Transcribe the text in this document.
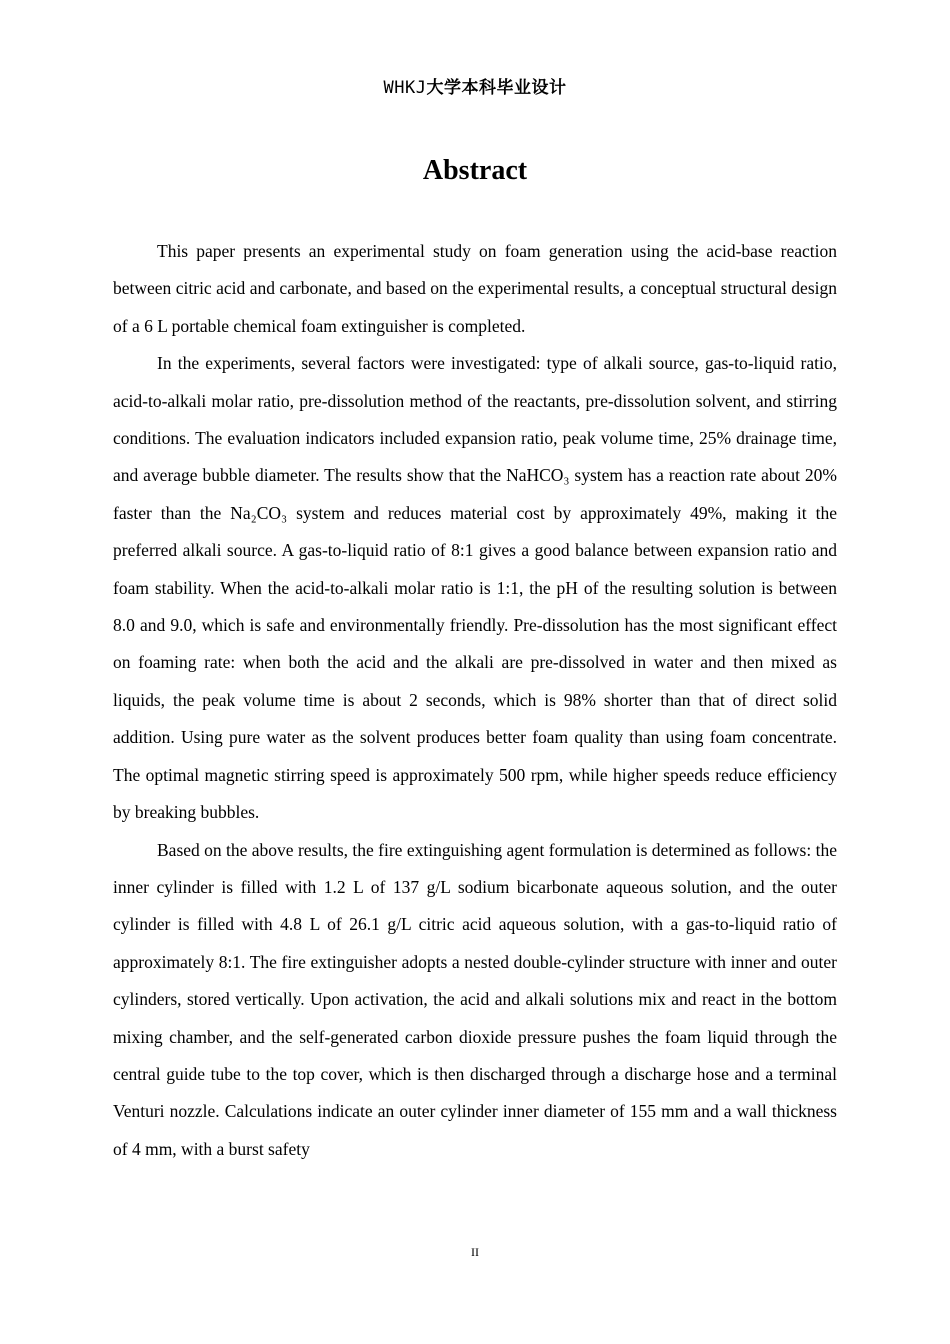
WHKJ大学本科毕业设计
Abstract

This paper presents an experimental study on foam generation using the acid-base reaction between citric acid and carbonate, and based on the experimental results, a conceptual structural design of a 6 L portable chemical foam extinguisher is completed.

In the experiments, several factors were investigated: type of alkali source, gas-to-liquid ratio, acid-to-alkali molar ratio, pre-dissolution method of the reactants, pre-dissolution solvent, and stirring conditions. The evaluation indicators included expansion ratio, peak volume time, 25% drainage time, and average bubble diameter. The results show that the NaHCO₃ system has a reaction rate about 20% faster than the Na₂CO₃ system and reduces material cost by approximately 49%, making it the preferred alkali source. A gas-to-liquid ratio of 8:1 gives a good balance between expansion ratio and foam stability. When the acid-to-alkali molar ratio is 1:1, the pH of the resulting solution is between 8.0 and 9.0, which is safe and environmentally friendly. Pre-dissolution has the most significant effect on foaming rate: when both the acid and the alkali are pre-dissolved in water and then mixed as liquids, the peak volume time is about 2 seconds, which is 98% shorter than that of direct solid addition. Using pure water as the solvent produces better foam quality than using foam concentrate. The optimal magnetic stirring speed is approximately 500 rpm, while higher speeds reduce efficiency by breaking bubbles.

Based on the above results, the fire extinguishing agent formulation is determined as follows: the inner cylinder is filled with 1.2 L of 137 g/L sodium bicarbonate aqueous solution, and the outer cylinder is filled with 4.8 L of 26.1 g/L citric acid aqueous solution, with a gas-to-liquid ratio of approximately 8:1. The fire extinguisher adopts a nested double-cylinder structure with inner and outer cylinders, stored vertically. Upon activation, the acid and alkali solutions mix and react in the bottom mixing chamber, and the self-generated carbon dioxide pressure pushes the foam liquid through the central guide tube to the top cover, which is then discharged through a discharge hose and a terminal Venturi nozzle. Calculations indicate an outer cylinder inner diameter of 155 mm and a wall thickness of 4 mm, with a burst safety

II
